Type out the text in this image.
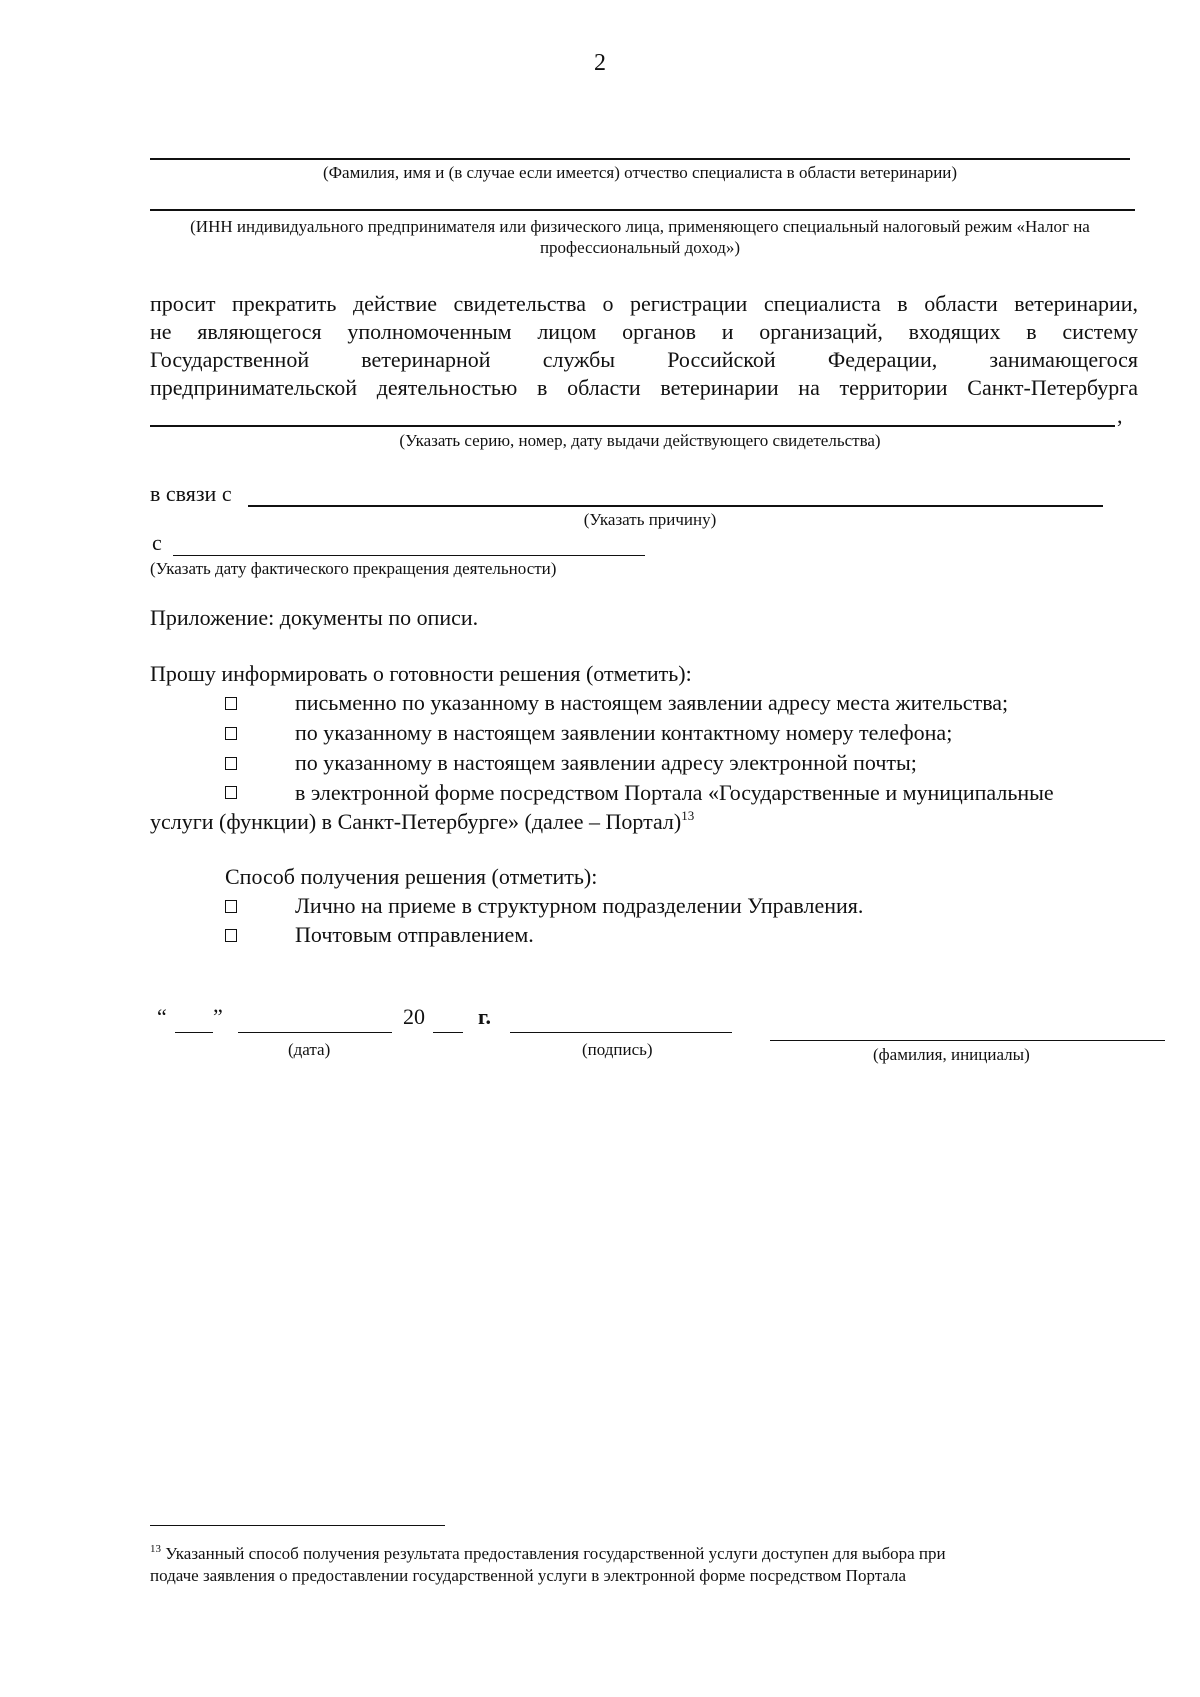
2
(Фамилия, имя и (в случае если имеется) отчество специалиста в области ветеринарии)
(ИНН индивидуального предпринимателя или физического лица, применяющего специальный налоговый режим «Налог на профессиональный доход»)
просит прекратить действие свидетельства о регистрации специалиста в области ветеринарии,
не являющегося уполномоченным лицом органов и организаций, входящих в систему
Государственной ветеринарной службы Российской Федерации, занимающегося
предпринимательской деятельностью в области ветеринарии на территории Санкт-Петербурга
,
(Указать серию, номер, дату выдачи действующего свидетельства)
в связи с
(Указать причину)
с
(Указать дату фактического прекращения деятельности)
Приложение: документы по описи.
Прошу информировать о готовности решения (отметить):
письменно по указанному в настоящем заявлении адресу места жительства;
по указанному в настоящем заявлении контактному номеру телефона;
по указанному в настоящем заявлении адресу электронной почты;
в электронной форме посредством Портала «Государственные и муниципальные
услуги (функции) в Санкт-Петербурге» (далее – Портал)$^{13}$
Способ получения решения (отметить):
Лично на приеме в структурном подразделении Управления.
Почтовым отправлением.
“ ”	20 г.
(дата)	(подпись)	(фамилия, инициалы)
$^{13}$ Указанный способ получения результата предоставления государственной услуги доступен для выбора при
подаче заявления о предоставлении государственной услуги в электронной форме посредством Портала
